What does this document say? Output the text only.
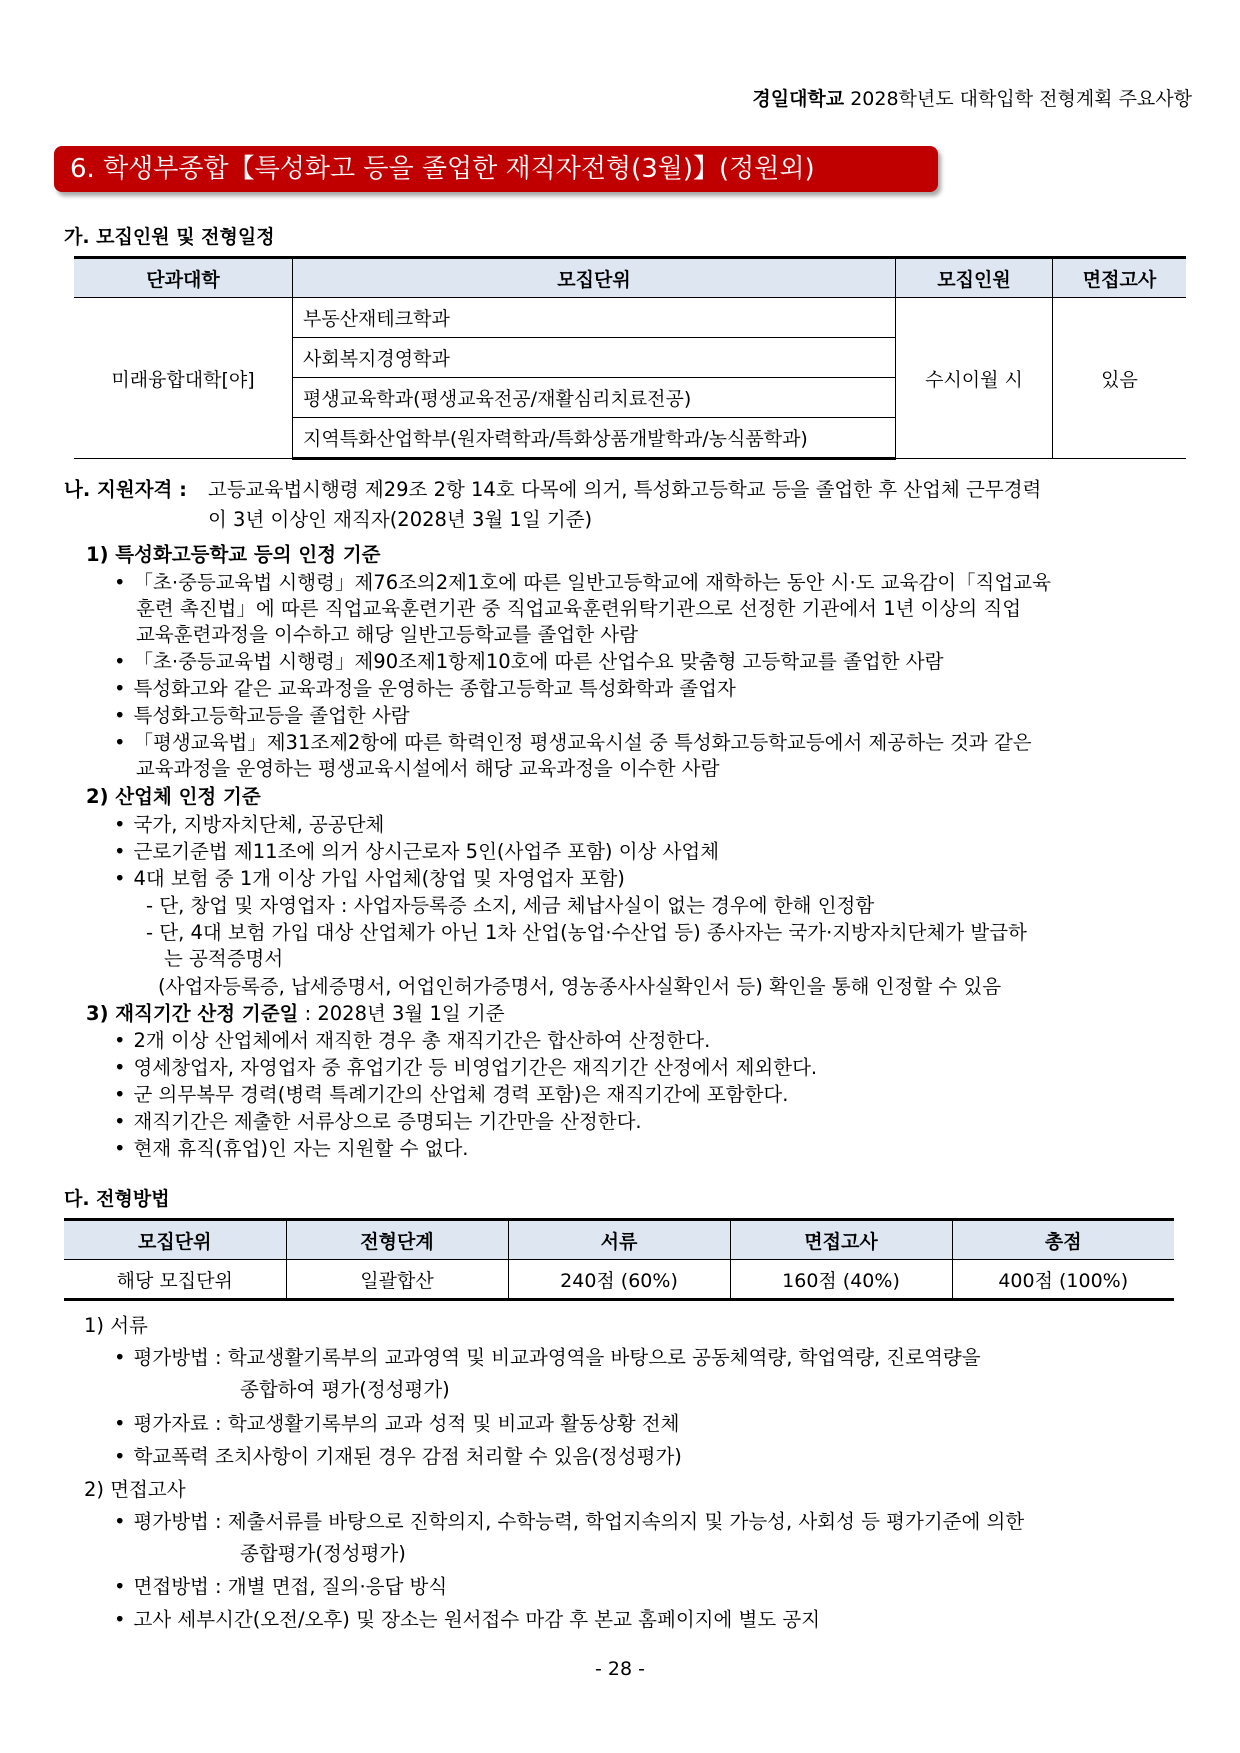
경일대학교 2028학년도 대학입학 전형계획 주요사항
6. 학생부종합【특성화고 등을 졸업한 재직자전형(3월)】(정원외)
가. 모집인원 및 전형일정
단과대학	모집단위	모집인원	면접고사
미래융합대학[야]	부동산재테크학과	수시이월 시	있음
	사회복지경영학과		
	평생교육학과(평생교육전공/재활심리치료전공)		
	지역특화산업학부(원자력학과/특화상품개발학과/농식품학과)		
나. 지원자격 : 고등교육법시행령 제29조 2항 14호 다목에 의거, 특성화고등학교 등을 졸업한 후 산업체 근무경력
이 3년 이상인 재직자(2028년 3월 1일 기준)
1) 특성화고등학교 등의 인정 기준
• 「초·중등교육법 시행령」제76조의2제1호에 따른 일반고등학교에 재학하는 동안 시·도 교육감이「직업교육
훈련 촉진법」에 따른 직업교육훈련기관 중 직업교육훈련위탁기관으로 선정한 기관에서 1년 이상의 직업
교육훈련과정을 이수하고 해당 일반고등학교를 졸업한 사람
• 「초·중등교육법 시행령」제90조제1항제10호에 따른 산업수요 맞춤형 고등학교를 졸업한 사람
• 특성화고와 같은 교육과정을 운영하는 종합고등학교 특성화학과 졸업자
• 특성화고등학교등을 졸업한 사람
• 「평생교육법」제31조제2항에 따른 학력인정 평생교육시설 중 특성화고등학교등에서 제공하는 것과 같은
교육과정을 운영하는 평생교육시설에서 해당 교육과정을 이수한 사람
2) 산업체 인정 기준
• 국가, 지방자치단체, 공공단체
• 근로기준법 제11조에 의거 상시근로자 5인(사업주 포함) 이상 사업체
• 4대 보험 중 1개 이상 가입 사업체(창업 및 자영업자 포함)
- 단, 창업 및 자영업자 : 사업자등록증 소지, 세금 체납사실이 없는 경우에 한해 인정함
- 단, 4대 보험 가입 대상 산업체가 아닌 1차 산업(농업·수산업 등) 종사자는 국가·지방자치단체가 발급하
는 공적증명서
(사업자등록증, 납세증명서, 어업인허가증명서, 영농종사사실확인서 등) 확인을 통해 인정할 수 있음
3) 재직기간 산정 기준일 : 2028년 3월 1일 기준
• 2개 이상 산업체에서 재직한 경우 총 재직기간은 합산하여 산정한다.
• 영세창업자, 자영업자 중 휴업기간 등 비영업기간은 재직기간 산정에서 제외한다.
• 군 의무복무 경력(병력 특례기간의 산업체 경력 포함)은 재직기간에 포함한다.
• 재직기간은 제출한 서류상으로 증명되는 기간만을 산정한다.
• 현재 휴직(휴업)인 자는 지원할 수 없다.
다. 전형방법
모집단위	전형단계	서류	면접고사	총점
해당 모집단위	일괄합산	240점 (60%)	160점 (40%)	400점 (100%)
1) 서류
• 평가방법 : 학교생활기록부의 교과영역 및 비교과영역을 바탕으로 공동체역량, 학업역량, 진로역량을
종합하여 평가(정성평가)
• 평가자료 : 학교생활기록부의 교과 성적 및 비교과 활동상황 전체
• 학교폭력 조치사항이 기재된 경우 감점 처리할 수 있음(정성평가)
2) 면접고사
• 평가방법 : 제출서류를 바탕으로 진학의지, 수학능력, 학업지속의지 및 가능성, 사회성 등 평가기준에 의한
종합평가(정성평가)
• 면접방법 : 개별 면접, 질의·응답 방식
• 고사 세부시간(오전/오후) 및 장소는 원서접수 마감 후 본교 홈페이지에 별도 공지
- 28 -
